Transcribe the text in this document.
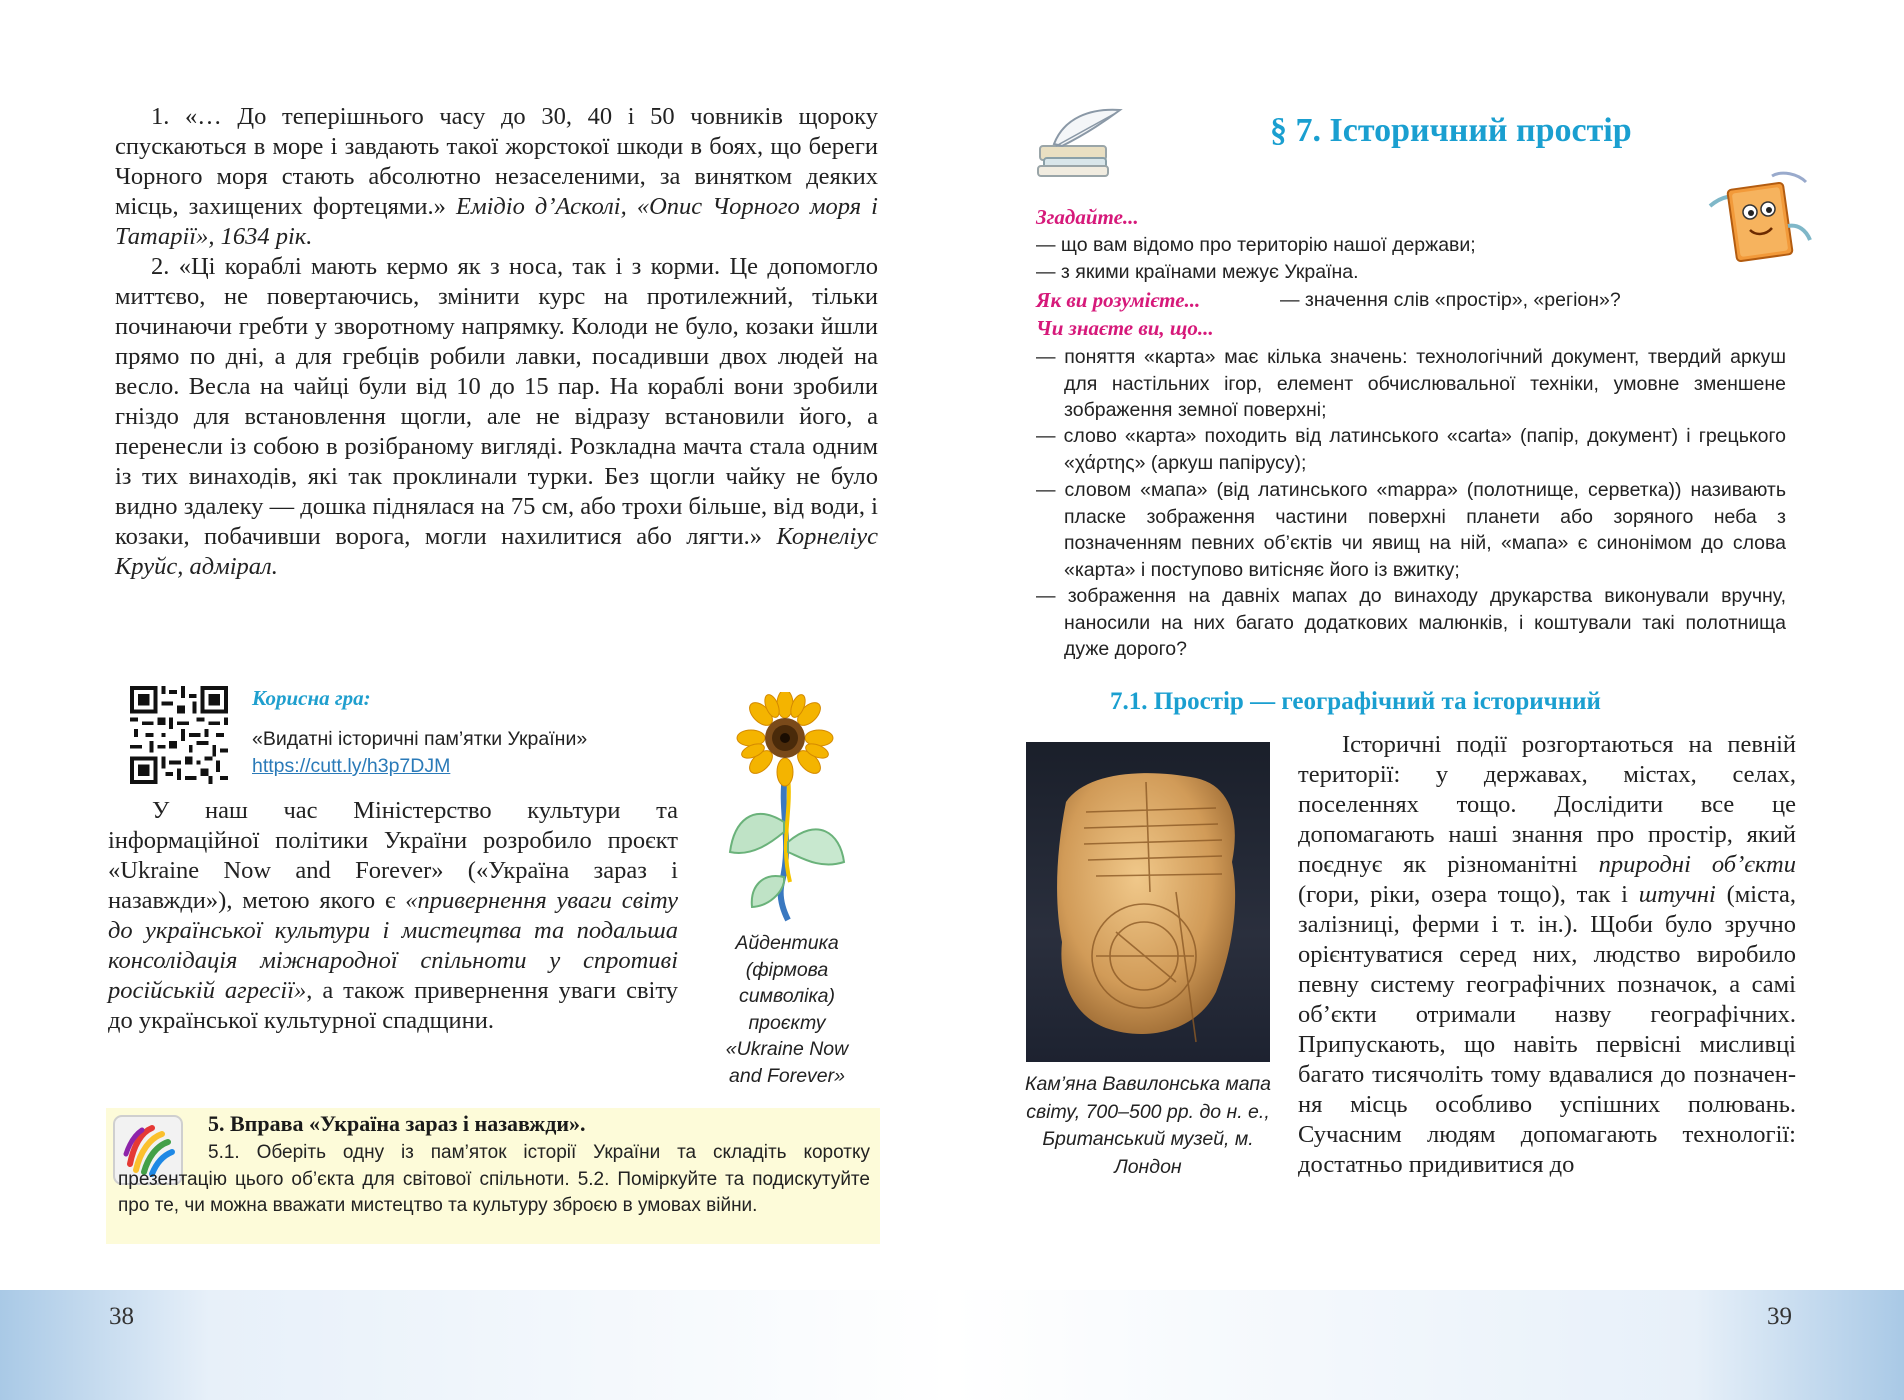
38

1. «… До теперішнього часу до 30, 40 і 50 човників щороку спускаються в море і завдають такої жорстокої шкоди в боях, що береги Чорного моря стають абсолютно незаселеними, за винятком деяких місць, захищених фортецями.» Емідіо д’Асколі, «Опис Чорного моря і Татарії», 1634 рік.

2. «Ці кораблі мають кермо як з носа, так і з корми. Це допомогло миттєво, не повертаючись, змінити курс на протилежний, тільки починаючи гребти у зворотному напрямку. Колоди не було, козаки йшли прямо по дні, а для гребців робили лавки, посадивши двох людей на весло. Весла на чайці були від 10 до 15 пар. На кораблі вони зробили гніздо для встановлення щогли, але не відразу встановили його, а перенесли із собою в розібраному вигляді. Розкладна мачта стала одним із тих винаходів, які так проклинали турки. Без щогли чайку не було видно здалеку — дошка піднялася на 75 см, або трохи більше, від води, і козаки, побачивши ворога, могли нахилитися або лягти.» Корнеліус Круйс, адмірал.

Корисна гра:
«Видатні історичні пам’ятки України»
https://cutt.ly/h3p7DJM

У наш час Міністерство культури та інформаційної політики України розробило проєкт «Ukraine Now and Forever» («Україна зараз і назавжди»), метою якого є «привернення уваги світу до української культури і мистецтва та подальша консолідація міжнародної спільноти у спротиві російській агресії», а також привернення уваги світу до української культурної спадщини.

Айдентика (фірмова символіка) проєкту «Ukraine Now and Forever»
5. Вправа «Україна зараз і назавжди».
5.1. Оберіть одну із пам’яток історії України та складіть коротку презентацію цього об’єкта для світової спільноти. 5.2. Поміркуйте та подискутуйте про те, чи можна вважати мистецтво та культуру зброєю в умовах війни.
39
§ 7. Історичний простір
Згадайте...
— що вам відомо про територію нашої держави;
— з якими країнами межує Україна.
Як ви розумієте...	— значення слів «простір», «регіон»?
Чи знаєте ви, що...
— поняття «карта» має кілька значень: технологічний документ, твердий аркуш для настільних ігор, елемент обчислювальної техніки, умовне зменшене зображення земної поверхні;
— слово «карта» походить від латинського «carta» (папір, документ) і грецького «χάρτης» (аркуш папірусу);
— словом «мапа» (від латинського «mappa» (полотнище, серветка)) називають пласке зображення частини поверхні планети або зоряного неба з позначенням певних об’єктів чи явищ на ній, «мапа» є синонімом до слова «карта» і поступово витісняє його із вжитку;
— зображення на давніх мапах до винаходу друкарства виконували вручну, наносили на них багато додаткових малюнків, і коштували такі полотнища дуже дорого?
7.1. Простір — географічний та історичний
Кам’яна Вавилонська мапа світу, 700–500 рр. до н. е., Британський музей, м. Лондон

Історичні події розгортаються на певній території: у державах, містах, селах, поселеннях тощо. Дослідити все це допомагають наші знання про простір, який поєднує як різноманітні природні об’єкти (гори, ріки, озера тощо), так і штучні (міста, залізниці, ферми і т. ін.). Щоби було зручно орієнтуватися серед них, людство виробило певну систему географічних позначок, а самі об’єкти отримали назву географічних. Припускають, що навіть первісні мисливці багато тисячоліть тому вдавалися до позначення місць особливо успішних полювань. Сучасним людям допомагають технології: достатньо придивитися до
